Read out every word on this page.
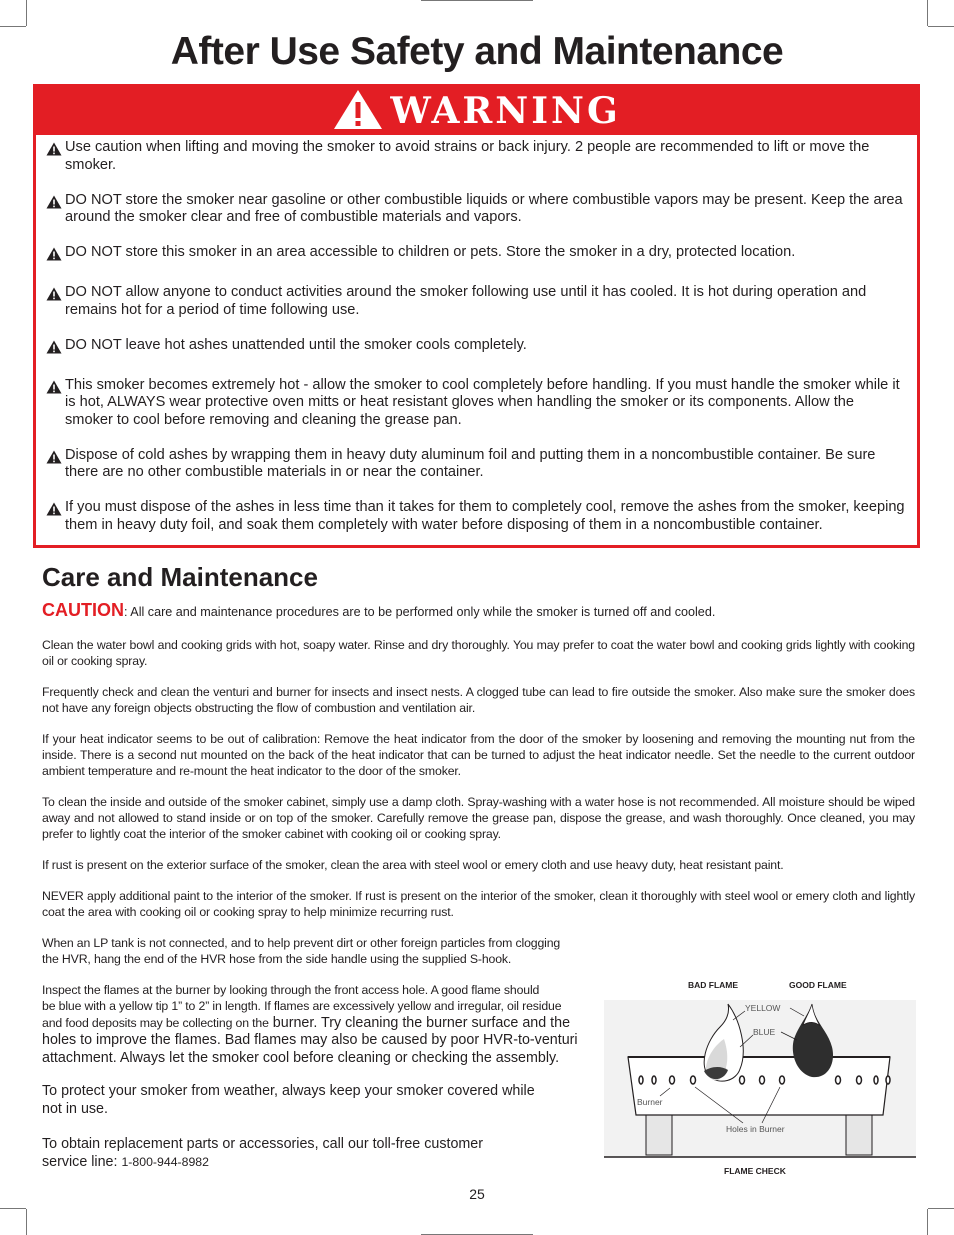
After Use Safety and Maintenance
WARNING
Use caution when lifting and moving the smoker to avoid strains or back injury. 2 people are recommended to lift or move the smoker.
DO NOT store the smoker near gasoline or other combustible liquids or where combustible vapors may be present. Keep the area around the smoker clear and free of combustible materials and vapors.
DO NOT store this smoker in an area accessible to children or pets. Store the smoker in a dry, protected location.
DO NOT allow anyone to conduct activities around the smoker following use until it has cooled. It is hot during operation and remains hot for a period of time following use.
DO NOT leave hot ashes unattended until the smoker cools completely.
This smoker becomes extremely hot - allow the smoker to cool completely before handling. If you must handle the smoker while it is hot, ALWAYS wear protective oven mitts or heat resistant gloves when handling the smoker or its components. Allow the smoker to cool before removing and cleaning the grease pan.
Dispose of cold ashes by wrapping them in heavy duty aluminum foil and putting them in a noncombustible container. Be sure there are no other combustible materials in or near the container.
If you must dispose of the ashes in less time than it takes for them to completely cool, remove the ashes from the smoker, keeping them in heavy duty foil, and soak them completely with water before disposing of them in a noncombustible container.
Care and Maintenance
CAUTION: All care and maintenance procedures are to be performed only while the smoker is turned off and cooled.
Clean the water bowl and cooking grids with hot, soapy water. Rinse and dry thoroughly. You may prefer to coat the water bowl and cooking grids lightly with cooking oil or cooking spray.
Frequently check and clean the venturi and burner for insects and insect nests. A clogged tube can lead to fire outside the smoker. Also make sure the smoker does not have any foreign objects obstructing the flow of combustion and ventilation air.
If your heat indicator seems to be out of calibration: Remove the heat indicator from the door of the smoker by loosening and removing the mounting nut from the inside. There is a second nut mounted on the back of the heat indicator that can be turned to adjust the heat indicator needle. Set the needle to the current outdoor ambient temperature and re-mount the heat indicator to the door of the smoker.
To clean the inside and outside of the smoker cabinet, simply use a damp cloth. Spray-washing with a water hose is not recommended. All moisture should be wiped away and not allowed to stand inside or on top of the smoker. Carefully remove the grease pan, dispose the grease, and wash thoroughly. Once cleaned, you may prefer to lightly coat the interior of the smoker cabinet with cooking oil or cooking spray.
If rust is present on the exterior surface of the smoker, clean the area with steel wool or emery cloth and use heavy duty, heat resistant paint.
NEVER apply additional paint to the interior of the smoker. If rust is present on the interior of the smoker, clean it thoroughly with steel wool or emery cloth and lightly coat the area with cooking oil or cooking spray to help minimize recurring rust.
When an LP tank is not connected, and to help prevent dirt or other foreign particles from clogging
the HVR, hang the end of the HVR hose from the side handle using the supplied S-hook.
Inspect the flames at the burner by looking through the front access hole. A good flame should
be blue with a yellow tip 1” to 2” in length. If flames are excessively yellow and irregular, oil residue
and food deposits may be collecting on the burner. Try cleaning the burner surface and the
holes to improve the flames. Bad flames may also be caused by poor HVR-to-venturi
attachment. Always let the smoker cool before cleaning or checking the assembly.
To protect your smoker from weather, always keep your smoker covered while
not in use.
To obtain replacement parts or accessories, call our toll-free customer
service line: 1-800-944-8982
BAD FLAME	GOOD FLAME
YELLOW
BLUE
Burner
Holes in Burner
FLAME CHECK
25
